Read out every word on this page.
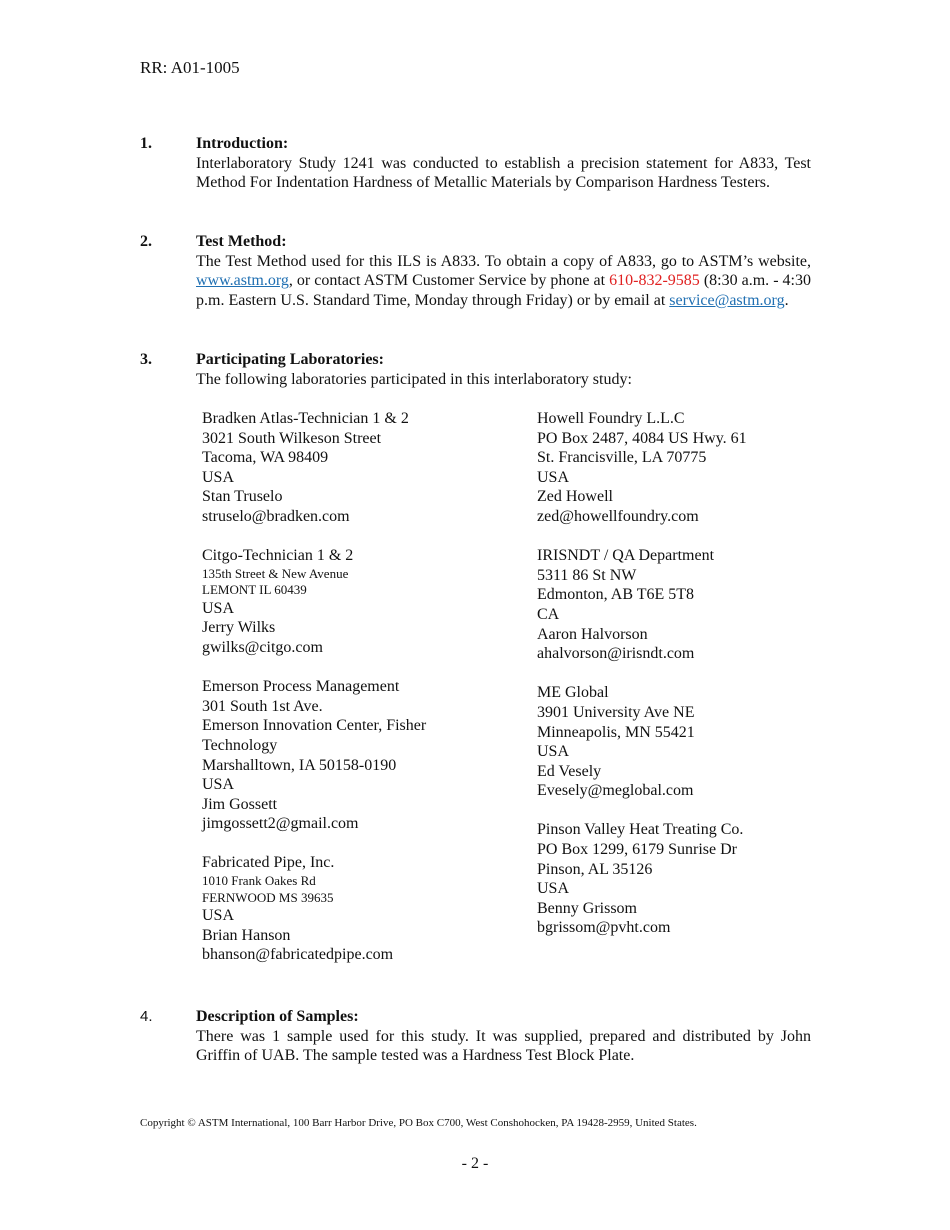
RR: A01-1005
1.	Introduction:
Interlaboratory Study 1241 was conducted to establish a precision statement for A833, Test Method For Indentation Hardness of Metallic Materials by Comparison Hardness Testers.
2.	Test Method:
The Test Method used for this ILS is A833. To obtain a copy of A833, go to ASTM’s website, www.astm.org, or contact ASTM Customer Service by phone at 610-832-9585 (8:30 a.m. - 4:30 p.m. Eastern U.S. Standard Time, Monday through Friday) or by email at service@astm.org.
3.	Participating Laboratories:
The following laboratories participated in this interlaboratory study:
Bradken Atlas-Technician 1 & 2
3021 South Wilkeson Street
Tacoma, WA 98409
USA
Stan Truselo
struselo@bradken.com
Citgo-Technician 1 & 2
135th Street & New Avenue
LEMONT IL 60439
USA
Jerry Wilks
gwilks@citgo.com
Emerson Process Management
301 South 1st Ave.
Emerson Innovation Center, Fisher
Technology
Marshalltown, IA 50158-0190
USA
Jim Gossett
jimgossett2@gmail.com
Fabricated Pipe, Inc.
1010 Frank Oakes Rd
FERNWOOD MS 39635
USA
Brian Hanson
bhanson@fabricatedpipe.com
Howell Foundry L.L.C
PO Box 2487, 4084 US Hwy. 61
St. Francisville, LA 70775
USA
Zed Howell
zed@howellfoundry.com
IRISNDT / QA Department
5311 86 St NW
Edmonton, AB T6E 5T8
CA
Aaron Halvorson
ahalvorson@irisndt.com
ME Global
3901 University Ave NE
Minneapolis, MN 55421
USA
Ed Vesely
Evesely@meglobal.com
Pinson Valley Heat Treating Co.
PO Box 1299, 6179 Sunrise Dr
Pinson, AL 35126
USA
Benny Grissom
bgrissom@pvht.com
4.	Description of Samples:
There was 1 sample used for this study. It was supplied, prepared and distributed by John Griffin of UAB. The sample tested was a Hardness Test Block Plate.
Copyright © ASTM International, 100 Barr Harbor Drive, PO Box C700, West Conshohocken, PA 19428-2959, United States.
- 2 -
